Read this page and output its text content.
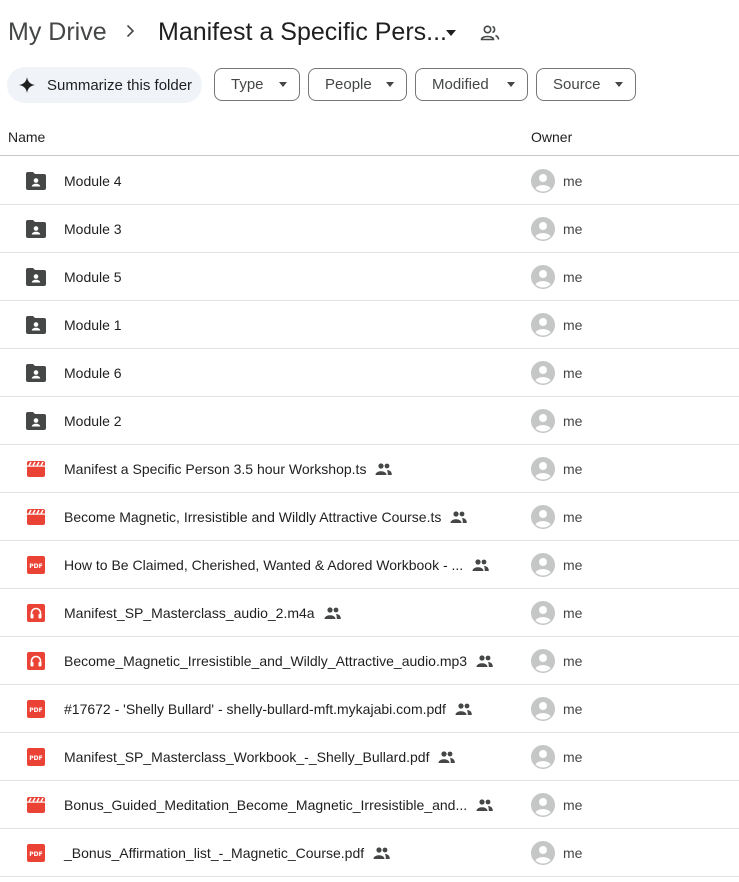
My Drive Manifest a Specific Pers...
Summarize this folder	Type	People	Modified	Source
Name	Owner
Module 4	me
Module 3	me
Module 5	me
Module 1	me
Module 6	me
Module 2	me
Manifest a Specific Person 3.5 hour Workshop.ts	me
Become Magnetic, Irresistible and Wildly Attractive Course.ts	me
PDF How to Be Claimed, Cherished, Wanted & Adored Workbook - ...	me
Manifest_SP_Masterclass_audio_2.m4a	me
Become_Magnetic_Irresistible_and_Wildly_Attractive_audio.mp3	me
PDF #17672 - 'Shelly Bullard' - shelly-bullard-mft.mykajabi.com.pdf	me
PDF Manifest_SP_Masterclass_Workbook_-_Shelly_Bullard.pdf	me
Bonus_Guided_Meditation_Become_Magnetic_Irresistible_and...	me
PDF _Bonus_Affirmation_list_-_Magnetic_Course.pdf	me
